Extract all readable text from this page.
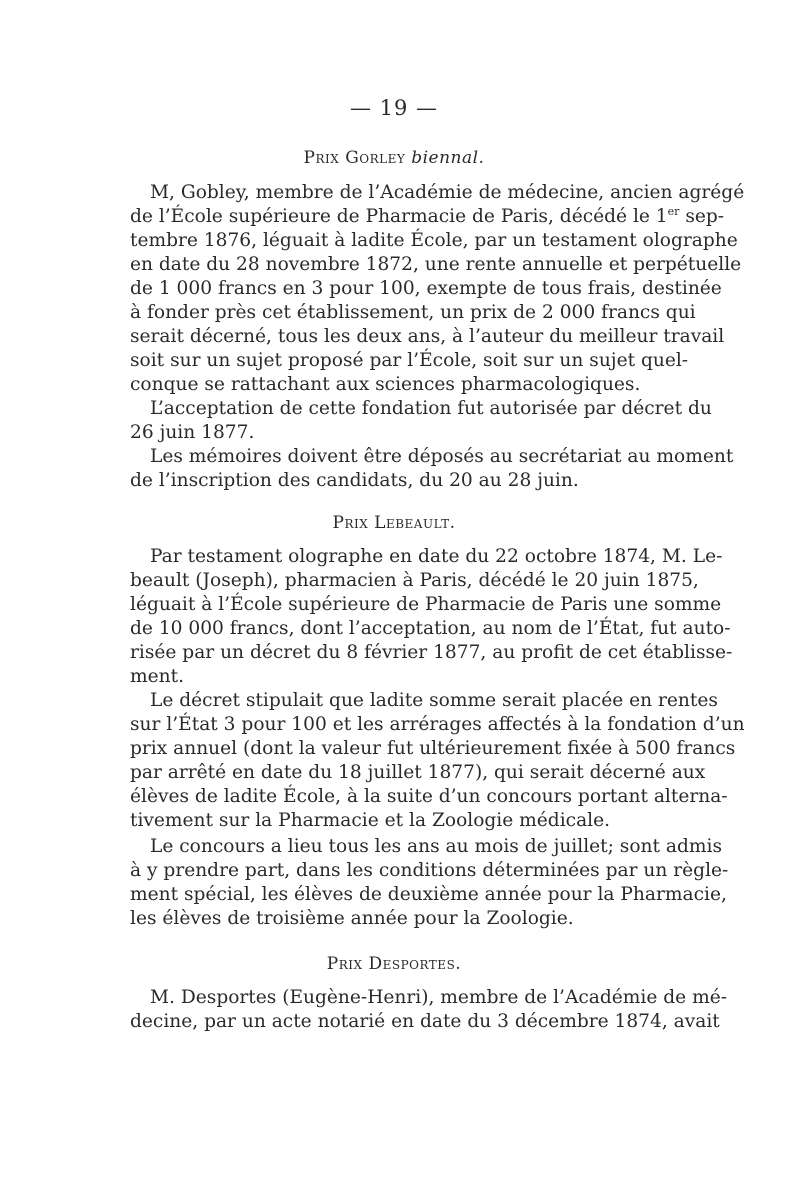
— 19 —
Prix Gorley biennal.
M, Gobley, membre de l’Académie de médecine, ancien agrégé
de l’École supérieure de Pharmacie de Paris, décédé le 1er sep-
tembre 1876, léguait à ladite École, par un testament olographe
en date du 28 novembre 1872, une rente annuelle et perpétuelle
de 1 000 francs en 3 pour 100, exempte de tous frais, destinée
à fonder près cet établissement, un prix de 2 000 francs qui
serait décerné, tous les deux ans, à l’auteur du meilleur travail
soit sur un sujet proposé par l’École, soit sur un sujet quel-
conque se rattachant aux sciences pharmacologiques.
L’acceptation de cette fondation fut autorisée par décret du
26 juin 1877.
Les mémoires doivent être déposés au secrétariat au moment
de l’inscription des candidats, du 20 au 28 juin.
Prix Lebeault.
Par testament olographe en date du 22 octobre 1874, M. Le-
beault (Joseph), pharmacien à Paris, décédé le 20 juin 1875,
léguait à l’École supérieure de Pharmacie de Paris une somme
de 10 000 francs, dont l’acceptation, au nom de l’État, fut auto-
risée par un décret du 8 février 1877, au profit de cet établisse-
ment.
Le décret stipulait que ladite somme serait placée en rentes
sur l’État 3 pour 100 et les arrérages affectés à la fondation d’un
prix annuel (dont la valeur fut ultérieurement fixée à 500 francs
par arrêté en date du 18 juillet 1877), qui serait décerné aux
élèves de ladite École, à la suite d’un concours portant alterna-
tivement sur la Pharmacie et la Zoologie médicale.
Le concours a lieu tous les ans au mois de juillet; sont admis
à y prendre part, dans les conditions déterminées par un règle-
ment spécial, les élèves de deuxième année pour la Pharmacie,
les élèves de troisième année pour la Zoologie.
Prix Desportes.
M. Desportes (Eugène-Henri), membre de l’Académie de mé-
decine, par un acte notarié en date du 3 décembre 1874, avait
